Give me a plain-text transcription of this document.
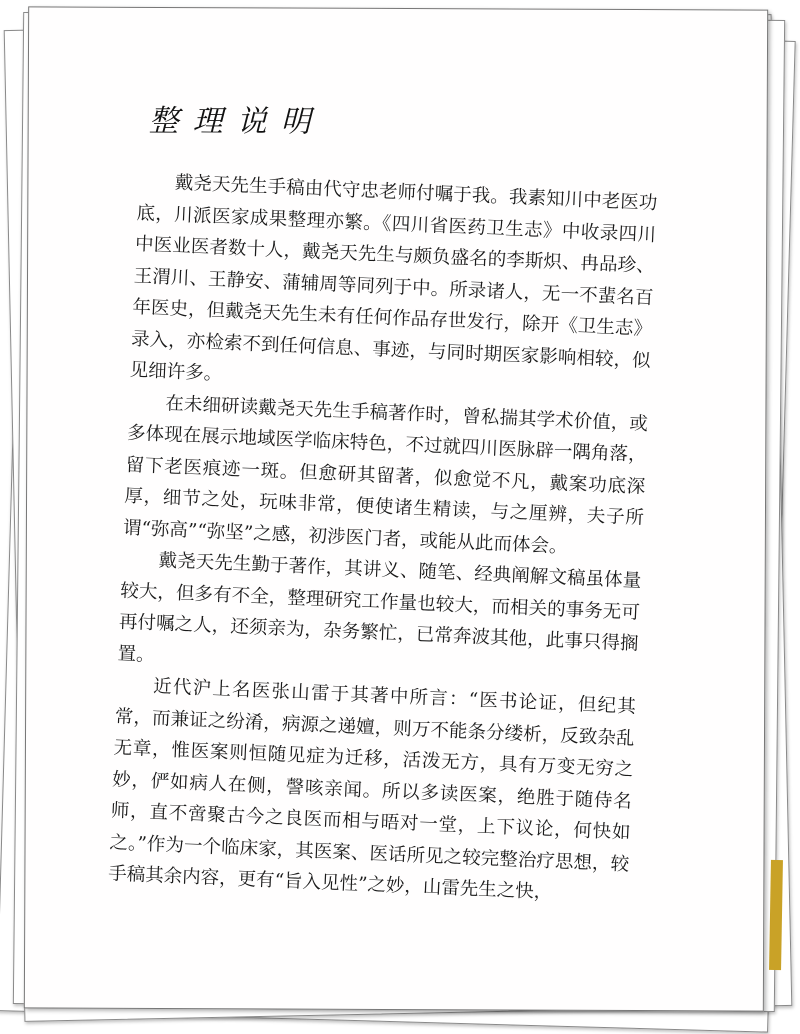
整理说明

戴尧天先生手稿由代守忠老师付嘱于我。我素知川中老医功底，川派医家成果整理亦繁。《四川省医药卫生志》中收录四川中医业医者数十人，戴尧天先生与颇负盛名的李斯炽、冉品珍、王渭川、王静安、蒲辅周等同列于中。所录诸人，无一不蜚名百年医史，但戴尧天先生未有任何作品存世发行，除开《卫生志》录入，亦检索不到任何信息、事迹，与同时期医家影响相较，似见细许多。

在未细研读戴尧天先生手稿著作时，曾私揣其学术价值，或多体现在展示地域医学临床特色，不过就四川医脉辟一隅角落，留下老医痕迹一斑。但愈研其留著，似愈觉不凡，戴案功底深厚，细节之处，玩味非常，便使诸生精读，与之厘辨，夫子所谓“弥高”“弥坚”之感，初涉医门者，或能从此而体会。

戴尧天先生勤于著作，其讲义、随笔、经典阐解文稿虽体量较大，但多有不全，整理研究工作量也较大，而相关的事务无可再付嘱之人，还须亲为，杂务繁忙，已常奔波其他，此事只得搁置。

近代沪上名医张山雷于其著中所言：“医书论证，但纪其常，而兼证之纷淆，病源之递嬗，则万不能条分缕析，反致杂乱无章，惟医案则恒随见症为迁移，活泼无方，具有万变无穷之妙，俨如病人在侧，謦咳亲闻。所以多读医案，绝胜于随侍名师，直不啻聚古今之良医而相与晤对一堂，上下议论，何快如之。”作为一个临床家，其医案、医话所见之较完整治疗思想，较手稿其余内容，更有“旨入见性”之妙，山雷先生之快，
